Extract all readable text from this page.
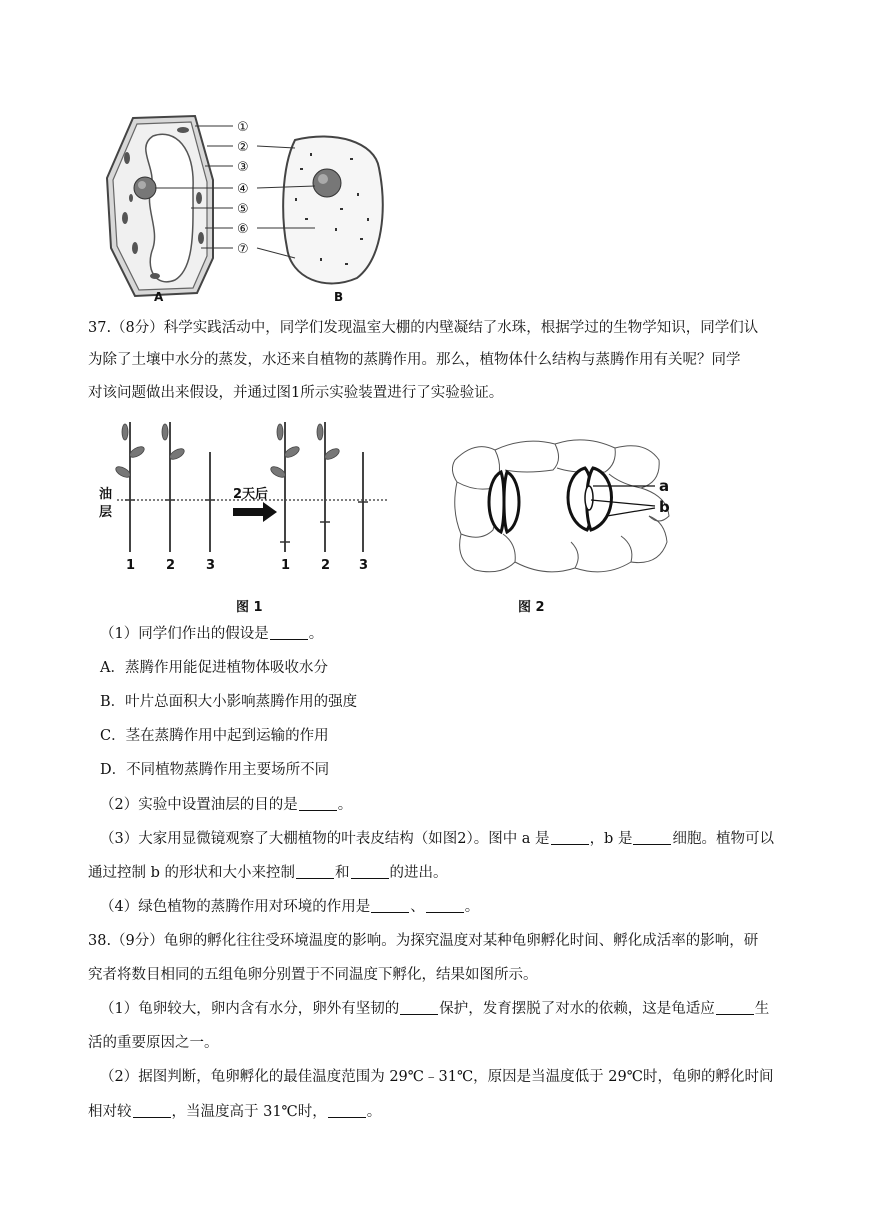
①
②
③
④
⑤
⑥
⑦
A	B
37.（8分）科学实践活动中，同学们发现温室大棚的内壁凝结了水珠，根据学过的生物学知识，同学们认
为除了土壤中水分的蒸发，水还来自植物的蒸腾作用。那么，植物体什么结构与蒸腾作用有关呢？同学
对该问题做出来假设，并通过图1所示实验装置进行了实验验证。
油
层
2天后
1 2 3	1 2 3
图 1
a
b
图 2
（1）同学们作出的假设是	。
A．蒸腾作用能促进植物体吸收水分
B．叶片总面积大小影响蒸腾作用的强度
C．茎在蒸腾作用中起到运输的作用
D．不同植物蒸腾作用主要场所不同
（2）实验中设置油层的目的是	。
（3）大家用显微镜观察了大棚植物的叶表皮结构（如图2）。图中 a 是	，b 是	细胞。植物可以
通过控制 b 的形状和大小来控制	和	的进出。
（4）绿色植物的蒸腾作用对环境的作用是	、	。
38.（9分）龟卵的孵化往往受环境温度的影响。为探究温度对某种龟卵孵化时间、孵化成活率的影响，研
究者将数目相同的五组龟卵分别置于不同温度下孵化，结果如图所示。
（1）龟卵较大，卵内含有水分，卵外有坚韧的	保护，发育摆脱了对水的依赖，这是龟适应	生
活的重要原因之一。
（2）据图判断，龟卵孵化的最佳温度范围为 29℃﹣31℃，原因是当温度低于 29℃时，龟卵的孵化时间
相对较	，当温度高于 31℃时，	。
